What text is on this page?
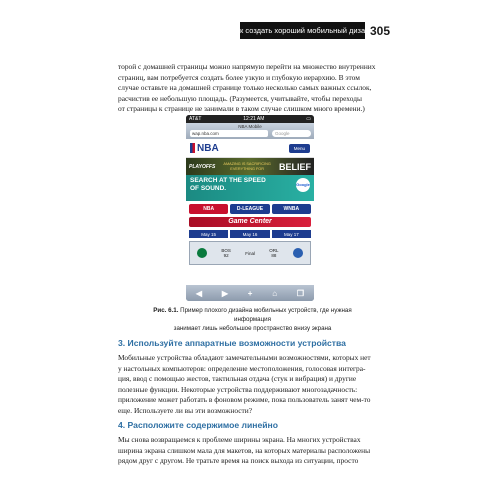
Как создать хороший мобильный дизайн
305
торой с домашней страницы можно напрямую перейти на множество внутренних
страниц, вам потребуется создать более узкую и глубокую иерархию. В этом
случае оставьте на домашней странице только несколько самых важных ссылок,
расчистив ее небольшую площадь. (Разумеется, учитывайте, чтобы переходы
от страницы к странице не занимали в таком случае слишком много времени.)
AT&T	12:21 AM	▭
NBA Mobile
wap.nba.com	Google
NBA	Menu
PLAYOFFS	AMAZING IS SACRIFICING EVERYTHING FOR	BELIEF
SEARCH AT THE SPEED
OF SOUND.	Google
NBA	D-LEAGUE	WNBA
Game Center
May 15	May 16	May 17
BOS
92	Final	ORL
88
◀ ▶ + ⌂ ❐
Рис. 6.1. Пример плохого дизайна мобильных устройств, где нужная информация
занимает лишь небольшое пространство внизу экрана
3. Используйте аппаратные возможности устройства
Мобильные устройства обладают замечательными возможностями, которых нет
у настольных компьютеров: определение местоположения, голосовая интегра-
ция, ввод с помощью жестов, тактильная отдача (стук и вибрация) и другие
полезные функции. Некоторые устройства поддерживают многозадачность:
приложение может работать в фоновом режиме, пока пользователь занят чем-то
еще. Используете ли вы эти возможности?
4. Расположите содержимое линейно
Мы снова возвращаемся к проблеме ширины экрана. На многих устройствах
ширина экрана слишком мала для макетов, на которых материалы расположены
рядом друг с другом. Не тратьте время на поиск выхода из ситуации, просто
